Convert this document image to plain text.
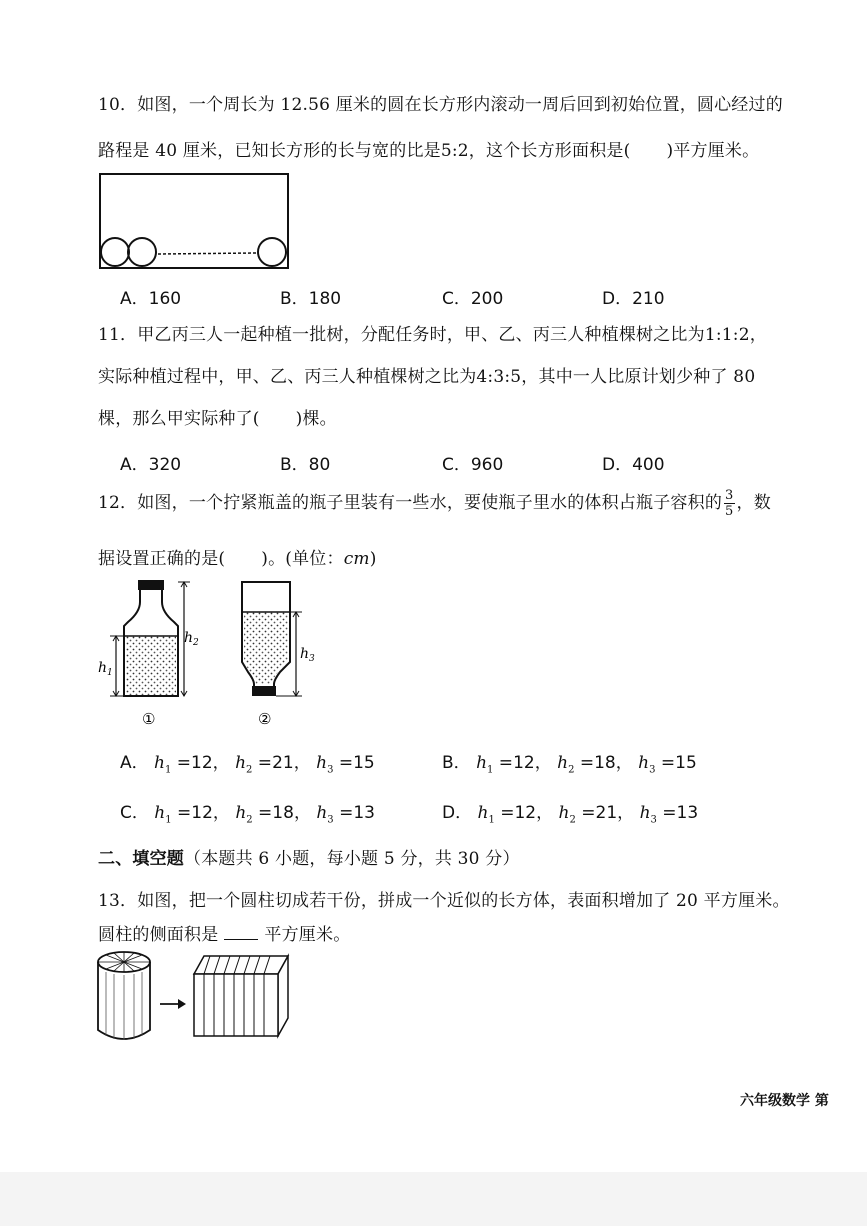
10．如图，一个周长为 12.56 厘米的圆在长方形内滚动一周后回到初始位置，圆心经过的
路程是 40 厘米，已知长方形的长与宽的比是5:2，这个长方形面积是( )平方厘米。
A．160	B．180	C．200	D．210
11．甲乙丙三人一起种植一批树，分配任务时，甲、乙、丙三人种植棵树之比为1:1:2，
实际种植过程中，甲、乙、丙三人种植棵树之比为4:3:5，其中一人比原计划少种了 80
棵，那么甲实际种了( )棵。
A．320	B．80	C．960	D．400
12．如图，一个拧紧瓶盖的瓶子里装有一些水，要使瓶子里水的体积占瓶子容积的 $\frac{3}{5}$ ，数
据设置正确的是( )。(单位：cm)
$h_1$
$h_2$
①
$h_3$
②
A． $h_1 =12$， $h_2 =21$， $h_3 =15$	B． $h_1 =12$， $h_2 =18$， $h_3 =15$
C． $h_1 =12$， $h_2 =18$， $h_3 =13$	D． $h_1 =12$， $h_2 =21$， $h_3 =13$
二、填空题（本题共 6 小题，每小题 5 分，共 30 分）
13．如图，把一个圆柱切成若干份，拼成一个近似的长方体，表面积增加了 20 平方厘米。
圆柱的侧面积是	平方厘米。
六年级数学 第
